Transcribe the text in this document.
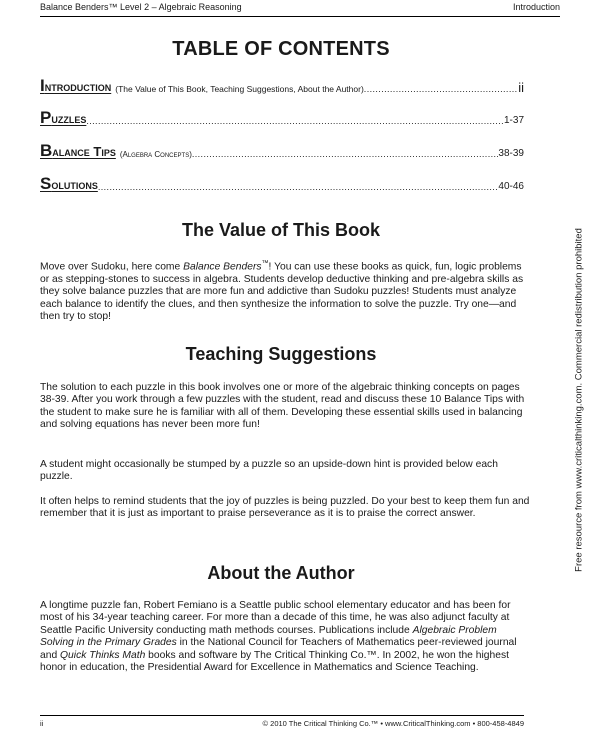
Balance Benders™ Level 2 – Algebraic Reasoning	Introduction
TABLE OF CONTENTS
Introduction (The Value of This Book, Teaching Suggestions, About the Author) .....	ii
Puzzles .....	1-37
Balance Tips (Algebra Concepts) .....	38-39
Solutions .....	40-46
The Value of This Book

Move over Sudoku, here come Balance Benders™! You can use these books as quick, fun, logic problems or as stepping-stones to success in algebra. Students develop deductive thinking and pre-algebra skills as they solve balance puzzles that are more fun and addictive than Sudoku puzzles! Students must analyze each balance to identify the clues, and then synthesize the information to solve the puzzle. Try one—and then try to stop!

Teaching Suggestions

The solution to each puzzle in this book involves one or more of the algebraic thinking concepts on pages 38-39. After you work through a few puzzles with the student, read and discuss these 10 Balance Tips with the student to make sure he is familiar with all of them. Developing these essential skills used in balancing and solving equations has never been more fun!

A student might occasionally be stumped by a puzzle so an upside-down hint is provided below each puzzle.

It often helps to remind students that the joy of puzzles is being puzzled. Do your best to keep them fun and remember that it is just as important to praise perseverance as it is to praise the correct answer.

About the Author

A longtime puzzle fan, Robert Femiano is a Seattle public school elementary educator and has been for most of his 34-year teaching career. For more than a decade of this time, he was also adjunct faculty at Seattle Pacific University conducting math methods courses. Publications include Algebraic Problem Solving in the Primary Grades in the National Council for Teachers of Mathematics peer-reviewed journal and Quick Thinks Math books and software by The Critical Thinking Co.™. In 2002, he won the highest honor in education, the Presidential Award for Excellence in Mathematics and Science Teaching.

Free resource from www.criticalthinking.com. Commercial redistribution prohibited
ii	© 2010 The Critical Thinking Co.™ • www.CriticalThinking.com • 800-458-4849
